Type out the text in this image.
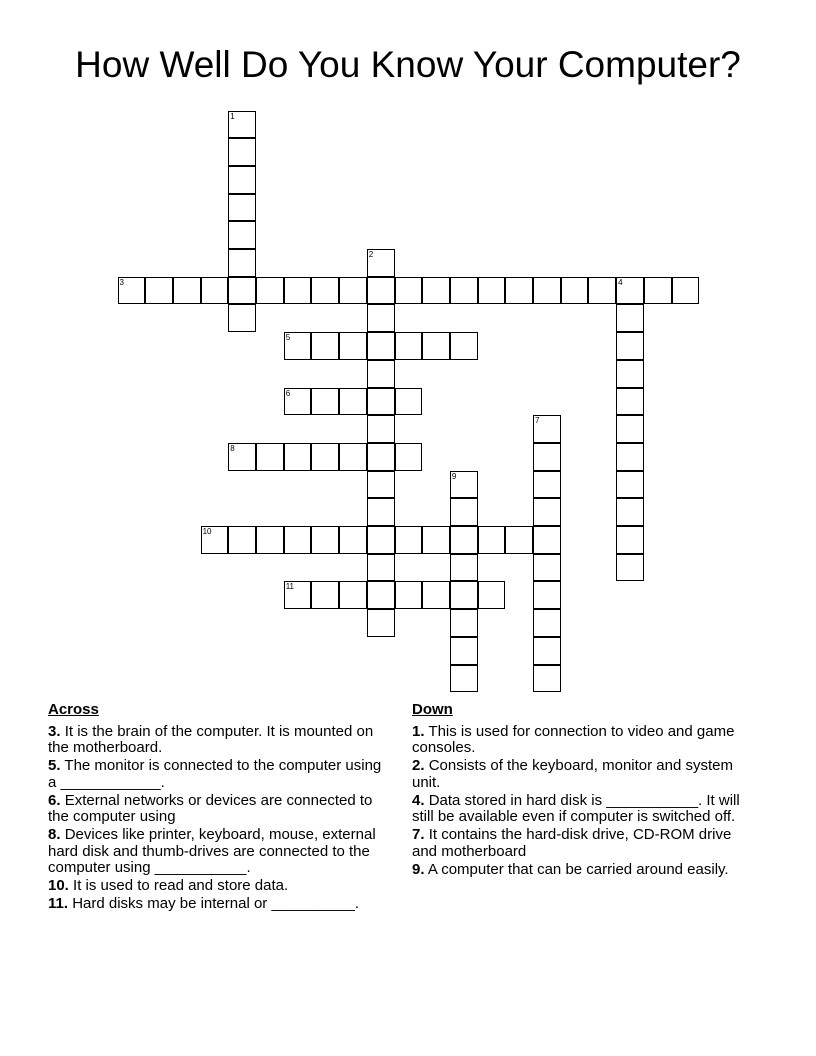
How Well Do You Know Your Computer?
1
2
3	4
5
6
7
8
9
10
11
Across
3. It is the brain of the computer. It is mounted on the motherboard.
5. The monitor is connected to the computer using a ____________.
6. External networks or devices are connected to the computer using
8. Devices like printer, keyboard, mouse, external hard disk and thumb-drives are connected to the computer using ___________.
10. It is used to read and store data.
11. Hard disks may be internal or __________.
Down
1. This is used for connection to video and game consoles.
2. Consists of the keyboard, monitor and system unit.
4. Data stored in hard disk is ___________. It will still be available even if computer is switched off.
7. It contains the hard-disk drive, CD-ROM drive and motherboard
9. A computer that can be carried around easily.
